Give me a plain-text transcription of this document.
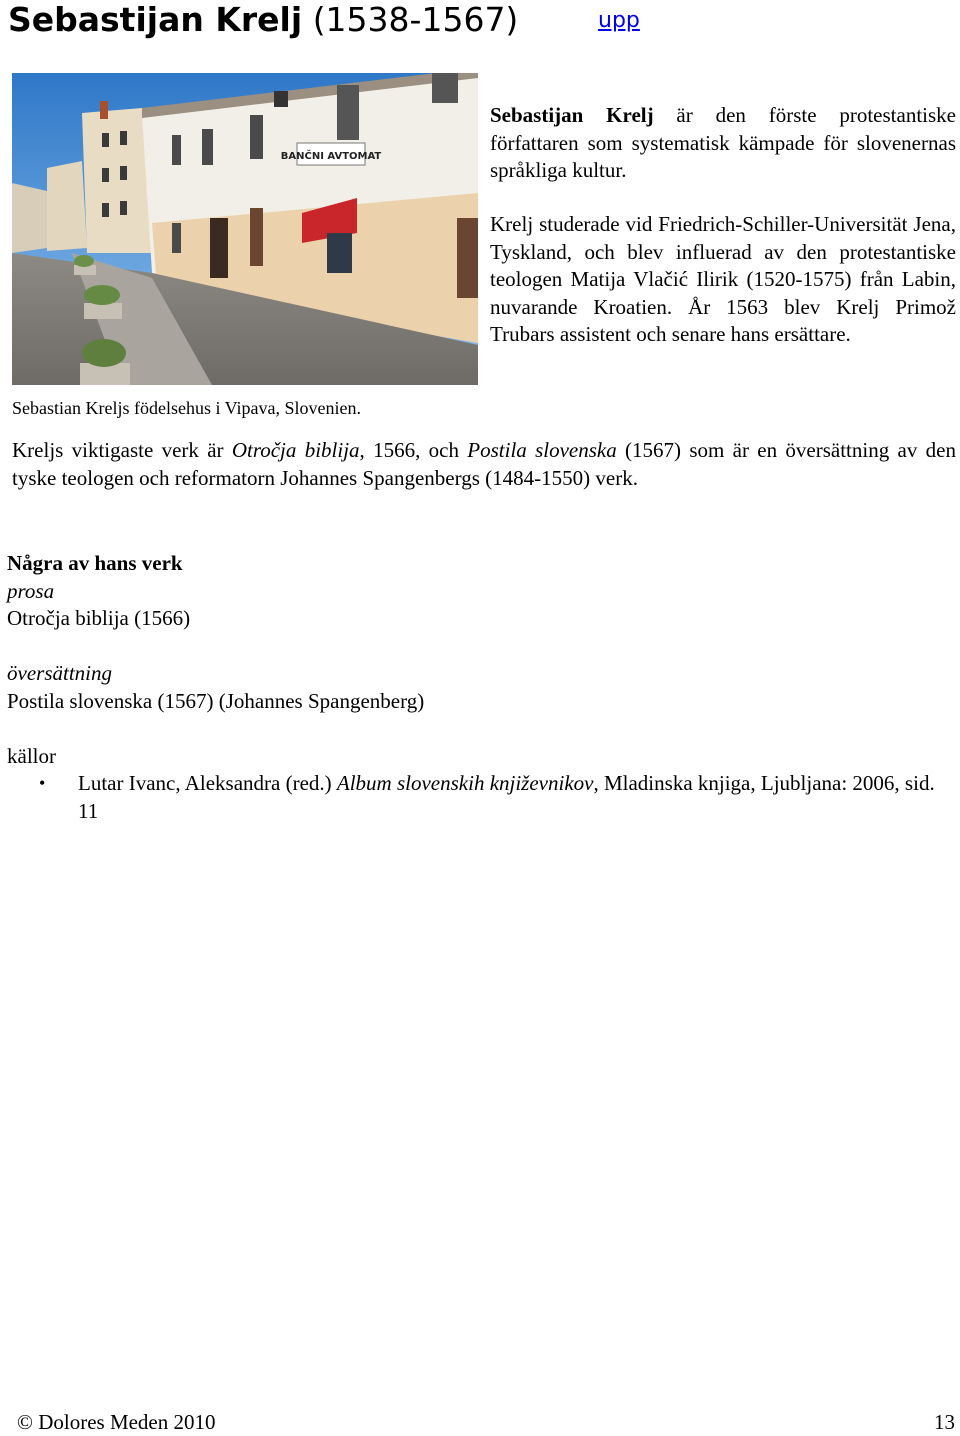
Sebastijan Krelj (1538-1567)	upp
BANČNI AVTOMAT
Sebastian Kreljs födelsehus i Vipava, Slovenien.

Sebastijan Krelj är den förste protestantiske författaren som systematisk kämpade för slovenernas språkliga kultur.

Krelj studerade vid Friedrich-Schiller-Universität Jena, Tyskland, och blev influerad av den protestantiske teologen Matija Vlačić Ilirik (1520-1575) från Labin, nuvarande Kroatien. År 1563 blev Krelj Primož Trubars assistent och senare hans ersättare.

Kreljs viktigaste verk är Otročja biblija, 1566, och Postila slovenska (1567) som är en översättning av den tyske teologen och reformatorn Johannes Spangenbergs (1484-1550) verk.

Några av hans verk
prosa
Otročja biblija (1566)
översättning
Postila slovenska (1567) (Johannes Spangenberg)
källor
• Lutar Ivanc, Aleksandra (red.) Album slovenskih književnikov, Mladinska knjiga, Ljubljana: 2006, sid. 11
© Dolores Meden 2010	13
